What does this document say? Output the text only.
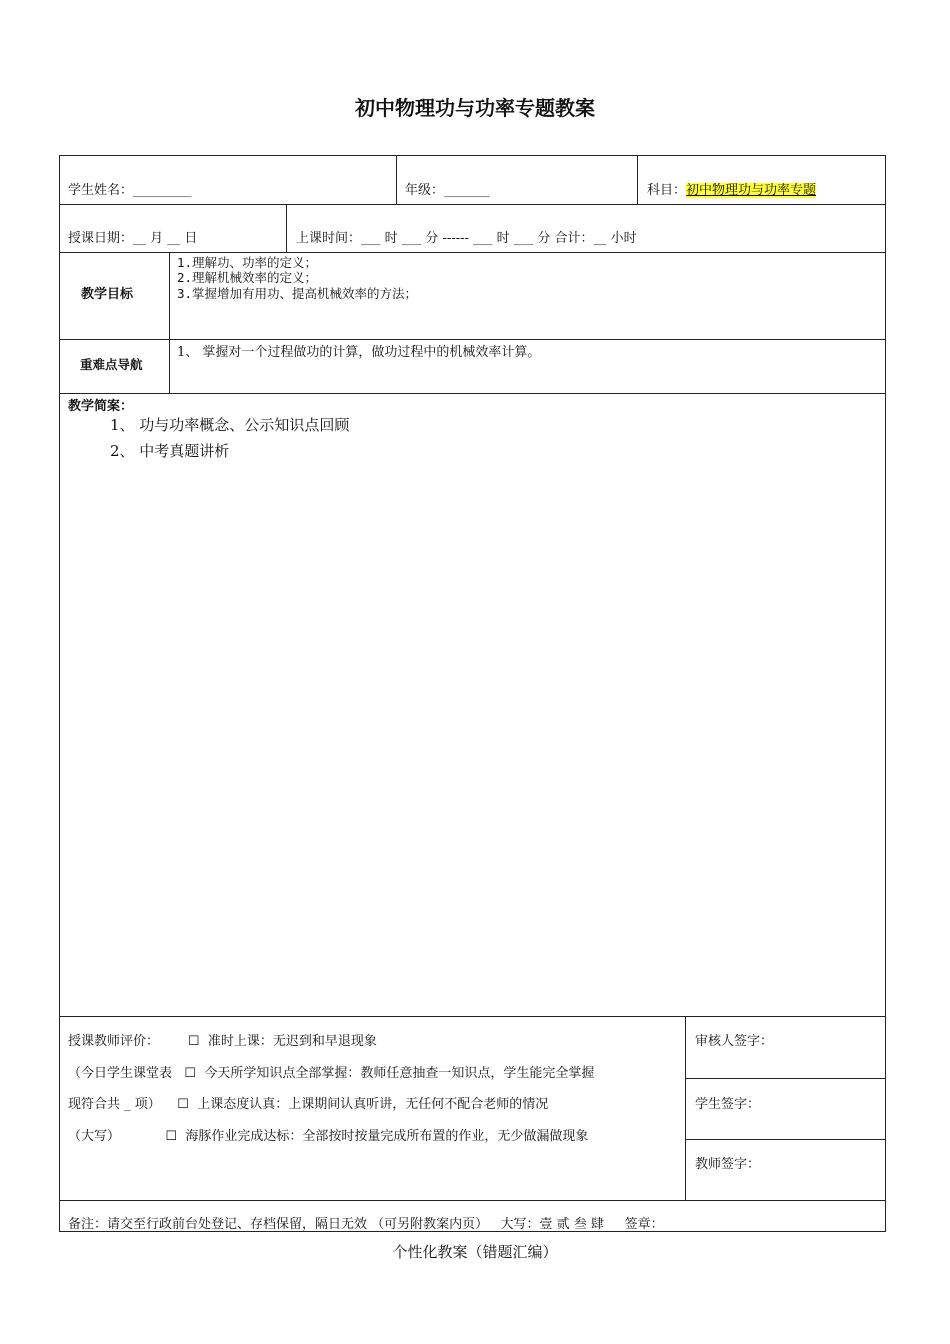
初中物理功与功率专题教案
学生姓名：_________	年级：_______	科目：初中物理功与功率专题
授课日期：__ 月 __ 日	上课时间：___ 时 ___ 分 ------ ___ 时 ___ 分 合计：__ 小时
教学目标
1.理解功、功率的定义；
2.理解机械效率的定义；
3.掌握增加有用功、提高机械效率的方法；
重难点导航
1、 掌握对一个过程做功的计算，做功过程中的机械效率计算。
教学简案：
1、 功与功率概念、公示知识点回顾
2、 中考真题讲析
授课教师评价：       ☐  准时上课：无迟到和早退现象
（今日学生课堂表   ☐  今天所学知识点全部掌握：教师任意抽查一知识点，学生能完全掌握
现符合共 _ 项）    ☐  上课态度认真：上课期间认真听讲，无任何不配合老师的情况
（大写）           ☐  海豚作业完成达标：全部按时按量完成所布置的作业，无少做漏做现象
审核人签字：
学生签字：
教师签字：
备注：请交至行政前台处登记、存档保留，隔日无效 （可另附教案内页）   大写：壹 贰 叁 肆     签章：
个性化教案（错题汇编）
